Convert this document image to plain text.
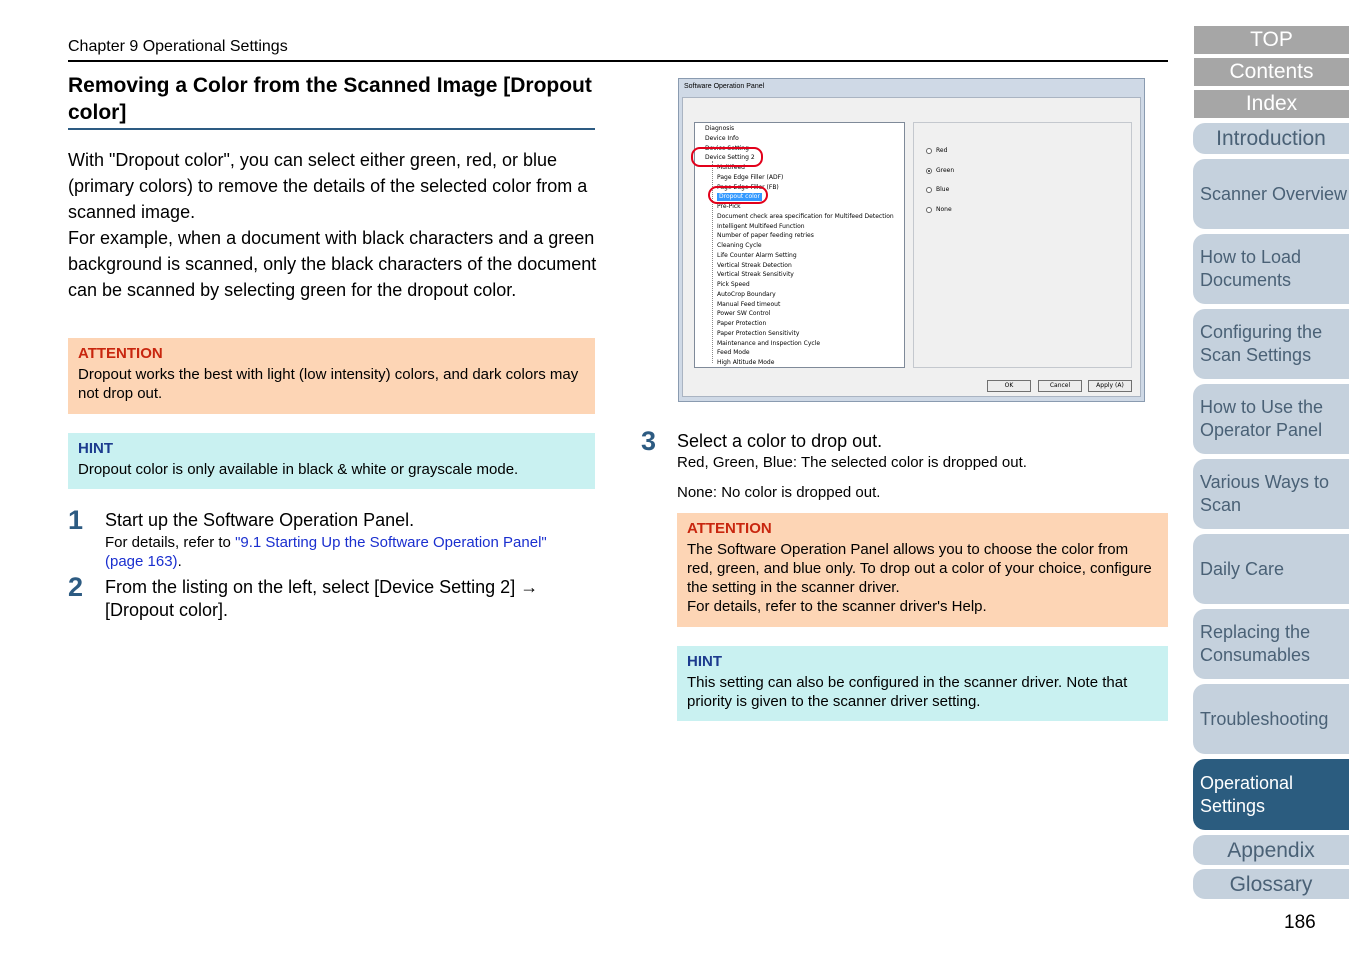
Chapter 9 Operational Settings
Removing a Color from the Scanned Image [Dropout color]

With "Dropout color", you can select either green, red, or blue (primary colors) to remove the details of the selected color from a scanned image.

For example, when a document with black characters and a green background is scanned, only the black characters of the document can be scanned by selecting green for the dropout color.

ATTENTION
Dropout works the best with light (low intensity) colors, and dark colors may not drop out.
HINT
Dropout color is only available in black & white or grayscale mode.
1 Start up the Software Operation Panel.
For details, refer to "9.1 Starting Up the Software Operation Panel" (page 163).
2 From the listing on the left, select [Device Setting 2] → [Dropout color].
Software Operation Panel
Diagnosis
Device Info
Device Setting
Device Setting 2
Multifeed
Page Edge Filler (ADF)
Page Edge Filler (FB)
Dropout color
Pre-Pick
Document check area specification for Multifeed Detection
Intelligent Multifeed Function
Number of paper feeding retries
Cleaning Cycle
Life Counter Alarm Setting
Vertical Streak Detection
Vertical Streak Sensitivity
Pick Speed
AutoCrop Boundary
Manual Feed timeout
Power SW Control
Paper Protection
Paper Protection Sensitivity
Maintenance and Inspection Cycle
Feed Mode
High Altitude Mode
Red
Green
Blue
None
OK	Cancel	Apply (A)
3 Select a color to drop out.
Red, Green, Blue: The selected color is dropped out.
None: No color is dropped out.
ATTENTION
The Software Operation Panel allows you to choose the color from red, green, and blue only. To drop out a color of your choice, configure the setting in the scanner driver.
For details, refer to the scanner driver's Help.
HINT
This setting can also be configured in the scanner driver. Note that priority is given to the scanner driver setting.
TOP
Contents
Index
Introduction
Scanner Overview
How to Load Documents
Configuring the Scan Settings
How to Use the Operator Panel
Various Ways to Scan
Daily Care
Replacing the Consumables
Troubleshooting
Operational Settings
Appendix
Glossary
186
